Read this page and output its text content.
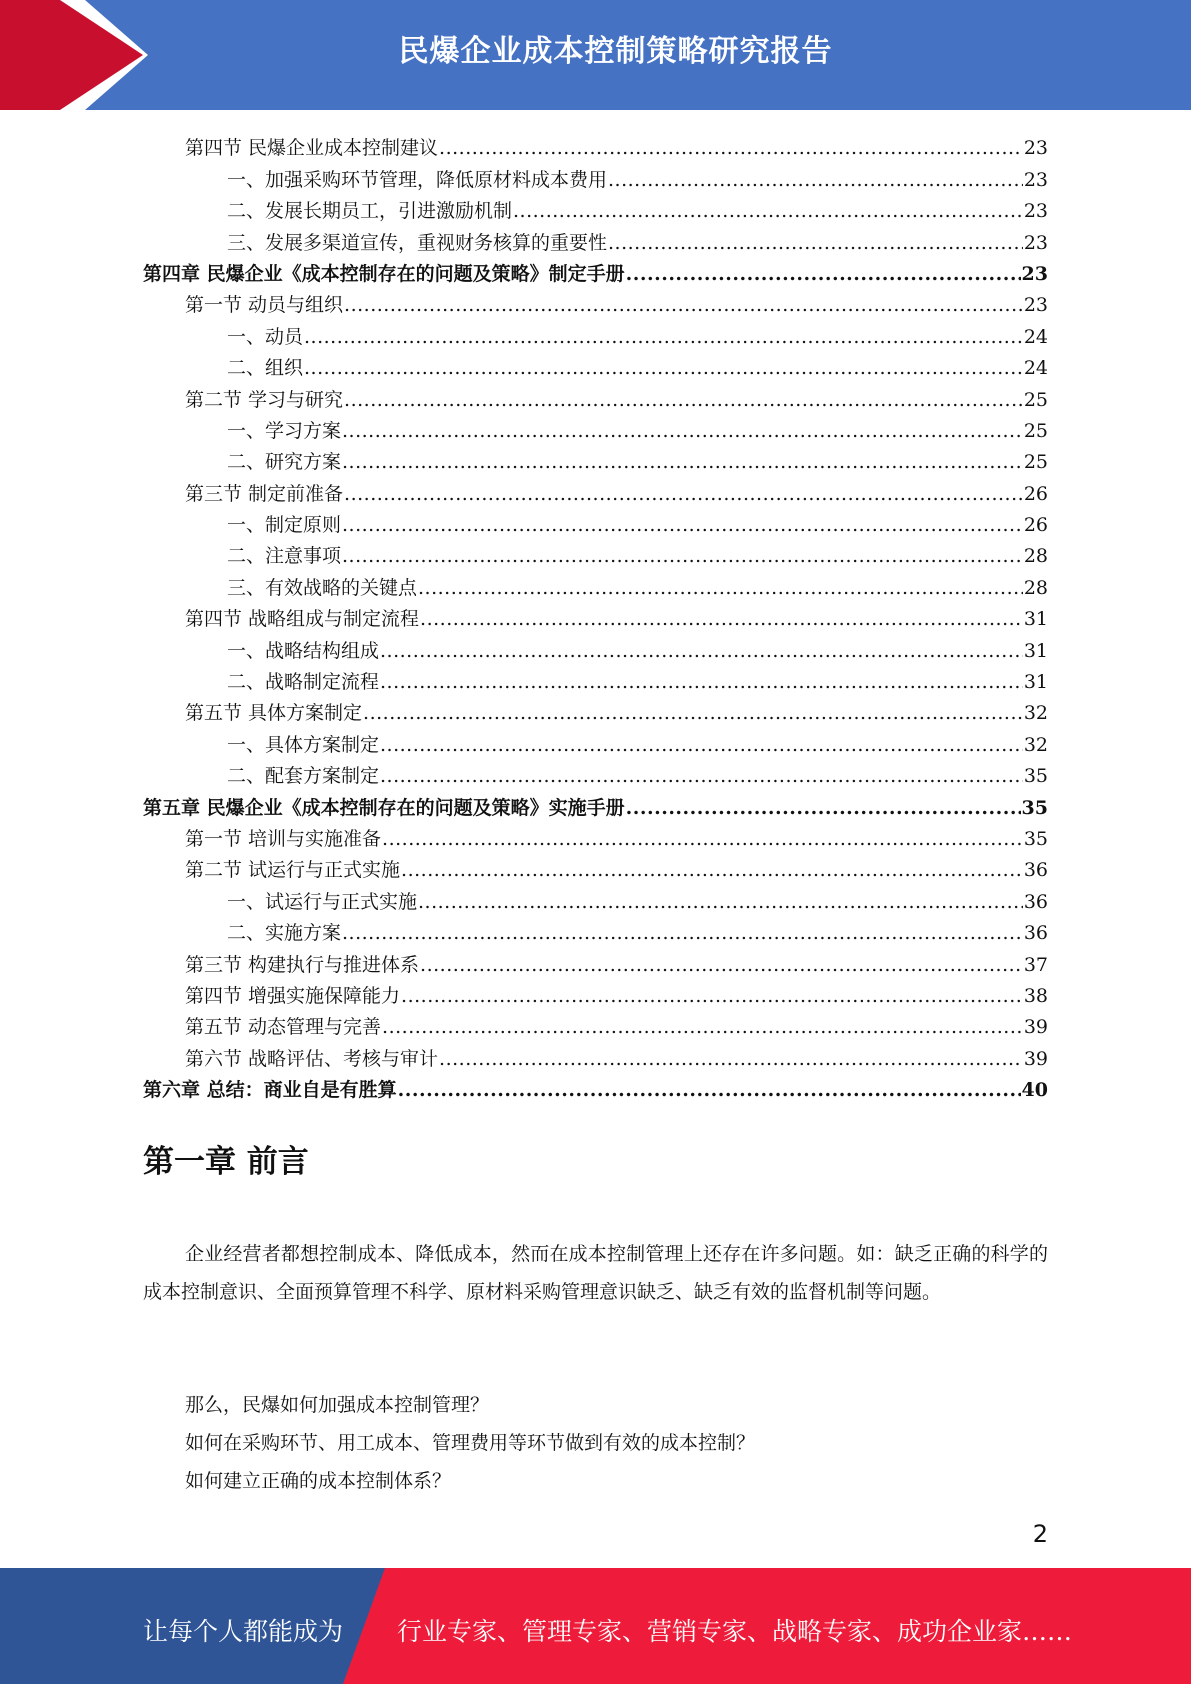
民爆企业成本控制策略研究报告
第四节 民爆企业成本控制建议 .....	23
一、加强采购环节管理，降低原材料成本费用 .....	23
二、发展长期员工，引进激励机制 .....	23
三、发展多渠道宣传，重视财务核算的重要性 .....	23
第四章 民爆企业《成本控制存在的问题及策略》制定手册 .....	23
第一节 动员与组织 .....	23
一、动员 .....	24
二、组织 .....	24
第二节 学习与研究 .....	25
一、学习方案 .....	25
二、研究方案 .....	25
第三节 制定前准备 .....	26
一、制定原则 .....	26
二、注意事项 .....	28
三、有效战略的关键点 .....	28
第四节 战略组成与制定流程 .....	31
一、战略结构组成 .....	31
二、战略制定流程 .....	31
第五节 具体方案制定 .....	32
一、具体方案制定 .....	32
二、配套方案制定 .....	35
第五章 民爆企业《成本控制存在的问题及策略》实施手册 .....	35
第一节 培训与实施准备 .....	35
第二节 试运行与正式实施 .....	36
一、试运行与正式实施 .....	36
二、实施方案 .....	36
第三节 构建执行与推进体系 .....	37
第四节 增强实施保障能力 .....	38
第五节 动态管理与完善 .....	39
第六节 战略评估、考核与审计 .....	39
第六章 总结：商业自是有胜算 .....	40
第一章 前言
企业经营者都想控制成本、降低成本，然而在成本控制管理上还存在许多问题。如：缺乏正确的科学的成本控制意识、全面预算管理不科学、原材料采购管理意识缺乏、缺乏有效的监督机制等问题。
那么，民爆如何加强成本控制管理？
如何在采购环节、用工成本、管理费用等环节做到有效的成本控制？
如何建立正确的成本控制体系？
2
让每个人都能成为 行业专家、管理专家、营销专家、战略专家、成功企业家……
